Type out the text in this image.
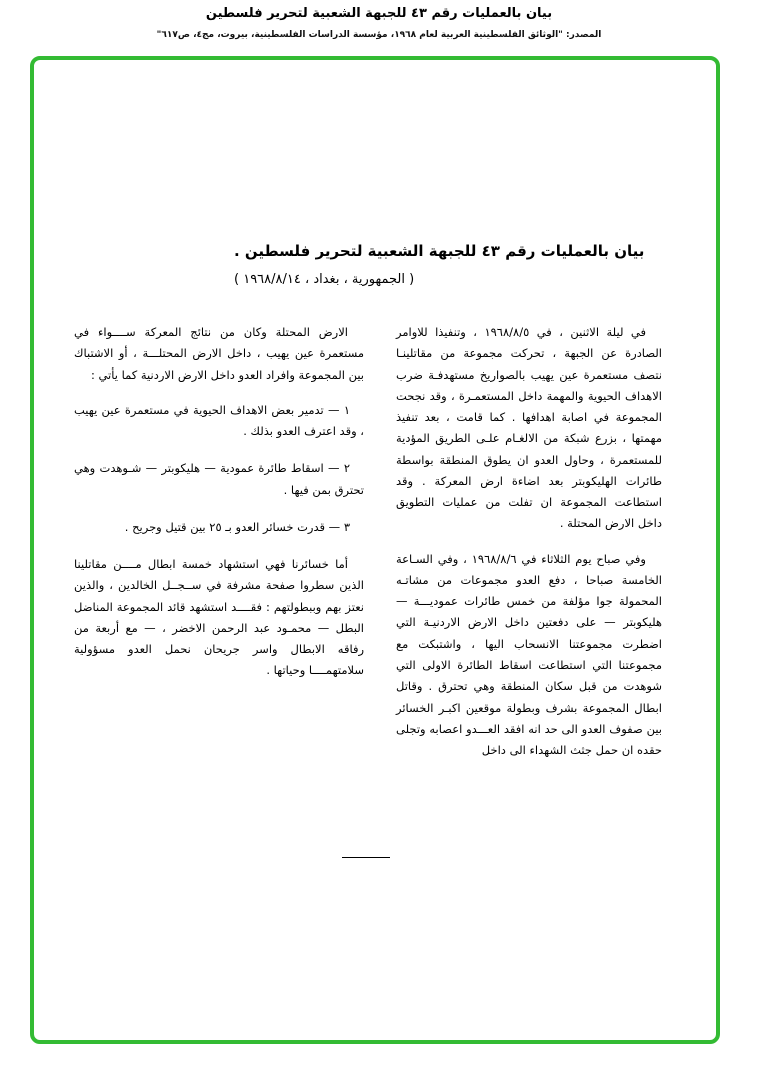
بيان بالعمليات رقم ٤٣ للجبهة الشعبية لتحرير فلسطين
المصدر: "الوثائق الفلسطينية العربية لعام ١٩٦٨، مؤسسة الدراسات الفلسطينية، بيروت، مج٤، ص٦١٧"
بيان بالعمليات رقم ٤٣ للجبهة الشعبية لتحرير فلسطين .
( الجمهورية ، بغداد ، ١٩٦٨/٨/١٤ )

في ليلة الاثنين ، في ١٩٦٨/٨/٥ ، وتنفيذا للاوامر الصادرة عن الجبهة ، تحركت مجموعة من مقاتلينـا نتصف مستعمرة عين يهيب بالصواريخ مستهدفـة ضرب الاهداف الحيوية والمهمة داخل المستعمـرة ، وقد نجحت المجموعة في اصابة اهدافها . كما قامت ، بعد تنفيذ مهمتها ، بزرع شبكة من الالغـام علـى الطريق المؤدية للمستعمرة ، وحاول العدو ان يطوق المنطقة بواسطة طائرات الهليكوبتر بعد اضاءة ارض المعركة . وقد استطاعت المجموعة ان تفلت من عمليات التطويق داخل الارض المحتلة .

وفي صباح يوم الثلاثاء في ١٩٦٨/٨/٦ ، وفي السـاعة الخامسة صباحا ، دفع العدو مجموعات من مشاتـه المحمولة جوا مؤلفة من خمس طائرات عموديـــة — هليكوبتر — على دفعتين داخل الارض الاردنيـة التي اضطرت مجموعتنا الانسحاب اليها ، واشتبكت مع مجموعتنا التي استطاعت اسقاط الطائرة الاولى التي شوهدت من قبل سكان المنطقة وهي تحترق . وقاتل ابطال المجموعة بشرف وبطولة موقعين اكبـر الخسائر بين صفوف العدو الى حد انه افقد العـــدو اعصابه وتجلى حقده ان حمل جثث الشهداء الى داخل

الارض المحتلة وكان من نتائج المعركة ســــواء في مستعمرة عين يهيب ، داخل الارض المحتلـــة ، أو الاشتباك بين المجموعة وافراد العدو داخل الارض الاردنية كما يأتي :

١ — تدمير بعض الاهداف الحيوية في مستعمرة عين يهيب ، وقد اعترف العدو بذلك .

٢ — اسقاط طائرة عمودية — هليكوبتر — شـوهدت وهي تحترق بمن فيها .

٣ — قدرت خسائر العدو بـ ٢٥ بين قتيل وجريح .

أما خسائرنا فهي استشهاد خمسة ابطال مــــن مقاتلينا الذين سطروا صفحة مشرفة في ســجــل الخالدين ، والذين نعتز بهم وببطولتهم : فقــــد استشهد قائد المجموعة المناضل البطل — محمـود عبد الرحمن الاخضر ، — مع أربعة من رفاقه الابطال واسر جريحان نحمل العدو مسؤولية سلامتهمــــا وحياتها .
